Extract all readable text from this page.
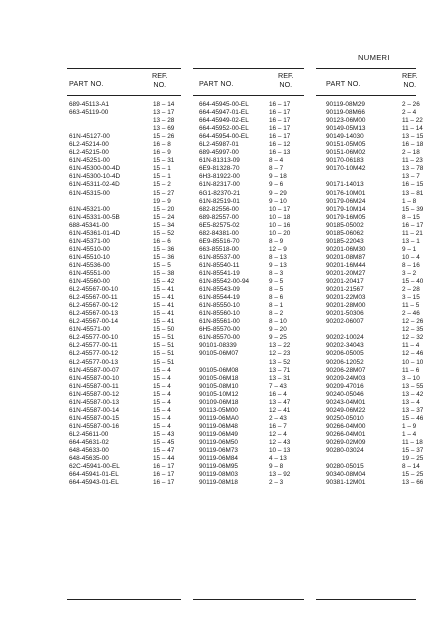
NUMERI
PART NO.
REF.
NO.
689-45113-A1	18 – 14
663-45119-00	13 – 17
13 – 28
13 – 69
61N-45127-00	15 – 26
6L2-45214-00	16 – 8
6L2-45215-00	16 – 9
61N-45251-00	15 – 31
61N-45300-00-4D	15 – 1
61N-45300-10-4D	15 – 1
61N-45311-02-4D	15 – 2
61N-45315-00	15 – 27
19 – 9
61N-45321-00	15 – 20
61N-45331-00-5B	15 – 24
688-45341-00	15 – 34
61N-45361-01-4D	15 – 52
61N-45371-00	16 – 6
61N-45510-00	15 – 36
61N-45510-10	15 – 36
61N-45536-00	15 – 5
61N-45551-00	15 – 38
61N-45560-00	15 – 42
6L2-45567-00-10	15 – 41
6L2-45567-00-11	15 – 41
6L2-45567-00-12	15 – 41
6L2-45567-00-13	15 – 41
6L2-45567-00-14	15 – 41
61N-45571-00	15 – 50
6L2-45577-00-10	15 – 51
6L2-45577-00-11	15 – 51
6L2-45577-00-12	15 – 51
6L2-45577-00-13	15 – 51
61N-45587-00-07	15 – 4
61N-45587-00-10	15 – 4
61N-45587-00-11	15 – 4
61N-45587-00-12	15 – 4
61N-45587-00-13	15 – 4
61N-45587-00-14	15 – 4
61N-45587-00-15	15 – 4
61N-45587-00-16	15 – 4
6L2-45611-00	15 – 43
664-45631-02	15 – 45
648-45633-00	15 – 47
648-45635-00	15 – 44
62C-45941-00-EL	16 – 17
664-45941-01-EL	16 – 17
664-45943-01-EL	16 – 17
PART NO.
REF.
NO.
664-45945-00-EL	16 – 17
664-45947-01-EL	16 – 17
664-45949-02-EL	16 – 17
664-45952-00-EL	16 – 17
664-45954-00-EL	16 – 17
6L2-45987-01	16 – 12
689-45997-00	16 – 13
61N-81313-09	8 – 4
6E9-81328-70	8 – 7
6H3-81922-00	9 – 18
61N-82317-00	9 – 6
6G1-82370-21	9 – 29
61N-82519-01	9 – 10
682-82556-00	10 – 17
689-82557-00	10 – 18
6E5-82575-02	10 – 16
682-84381-00	10 – 20
6E9-85516-70	8 – 9
663-85518-00	12 – 9
61N-85537-00	8 – 13
61N-85540-11	9 – 13
61N-85541-19	8 – 3
61N-85542-00-94	9 – 5
61N-85543-09	8 – 5
61N-85544-19	8 – 6
61N-85550-10	8 – 1
61N-85560-10	8 – 2
61N-85561-00	8 – 10
6H5-85570-00	9 – 20
61N-85570-00	9 – 25
90101-08339	13 – 22
90105-06M07	12 – 23
13 – 52
90105-06M08	13 – 71
90105-06M18	13 – 31
90105-08M10	7 – 43
90105-10M12	16 – 4
90109-06M18	13 – 47
90113-05M00	12 – 41
90119-06MA0	2 – 43
90119-06M48	16 – 7
90119-06M49	12 – 4
90119-06M50	12 – 43
90119-06M73	10 – 13
90119-06M84	4 – 13
90119-06M95	9 – 8
90119-08M03	13 – 92
90119-08M18	2 – 3
PART NO.
REF.
NO.
90119-08M29	2 – 26
90119-08M66	2 – 4
90123-06M00	11 – 22
90149-05M13	11 – 14
90149-14030	13 – 15
90151-05M05	16 – 18
90151-06M02	2 – 18
90170-06183	11 – 23
90170-10M42	13 – 78
13 – 7
90171-14013	16 – 15
90176-10M01	13 – 81
90179-06M24	1 – 8
90179-10M14	15 – 39
90179-16M05	8 – 15
90185-05002	16 – 17
90185-06062	11 – 21
90185-22043	13 – 1
90201-06M30	9 – 1
90201-08M87	10 – 4
90201-16M44	8 – 16
90201-20M27	3 – 2
90201-20417	15 – 40
90201-21567	2 – 28
90201-22M03	3 – 15
90201-28M00	11 – 5
90201-50306	2 – 46
90202-06007	12 – 26
12 – 35
90202-10024	12 – 32
90202-34043	11 – 4
90206-05005	12 – 46
90206-12052	10 – 10
90206-28M07	11 – 6
90209-24M03	3 – 10
90209-47016	13 – 55
90240-05046	13 – 42
90243-04M01	13 – 4
90249-06M22	13 – 37
90250-05010	15 – 46
90266-04M00	1 – 9
90266-04M01	1 – 4
90269-02M09	11 – 18
90280-03024	15 – 37
19 – 25
90280-05015	8 – 14
90340-08M04	15 – 25
90381-12M01	13 – 66
